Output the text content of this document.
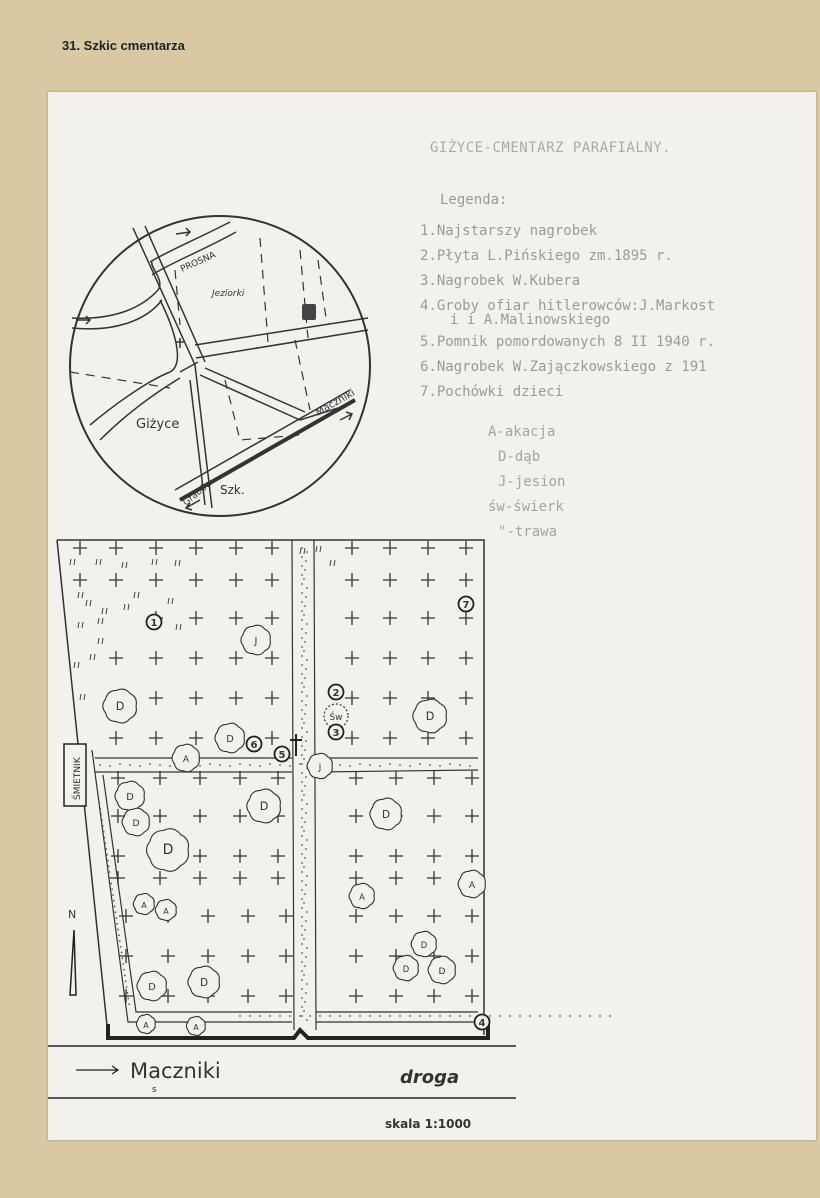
31. Szkic cmentarza
GIŻYCE-CMENTARZ PARAFIALNY.
Legenda:
1.Najstarszy nagrobek
2.Płyta L.Pińskiego zm.1895 r.
3.Nagrobek W.Kubera
4.Groby ofiar hitlerowców:J.Markost
i i A.Malinowskiego
5.Pomnik pomordowanych 8 II 1940 r.
6.Nagrobek W.Zajączkowskiego z 191
7.Pochówki dzieci
A-akacja
D-dąb
J-jesion
św-świerk
"-trawa
PROSNA
Jeziorki
Giżyce
Maczniki
Grabów Szk.
ŚMIETNIK
N
D
D
J
D
A
J
D
D
D
D
D
A
A
A
A
D
D	D
D	D
A	A
Św
1
2
3
4
5
6
7
Maczniki
s
droga
skala 1:1000
